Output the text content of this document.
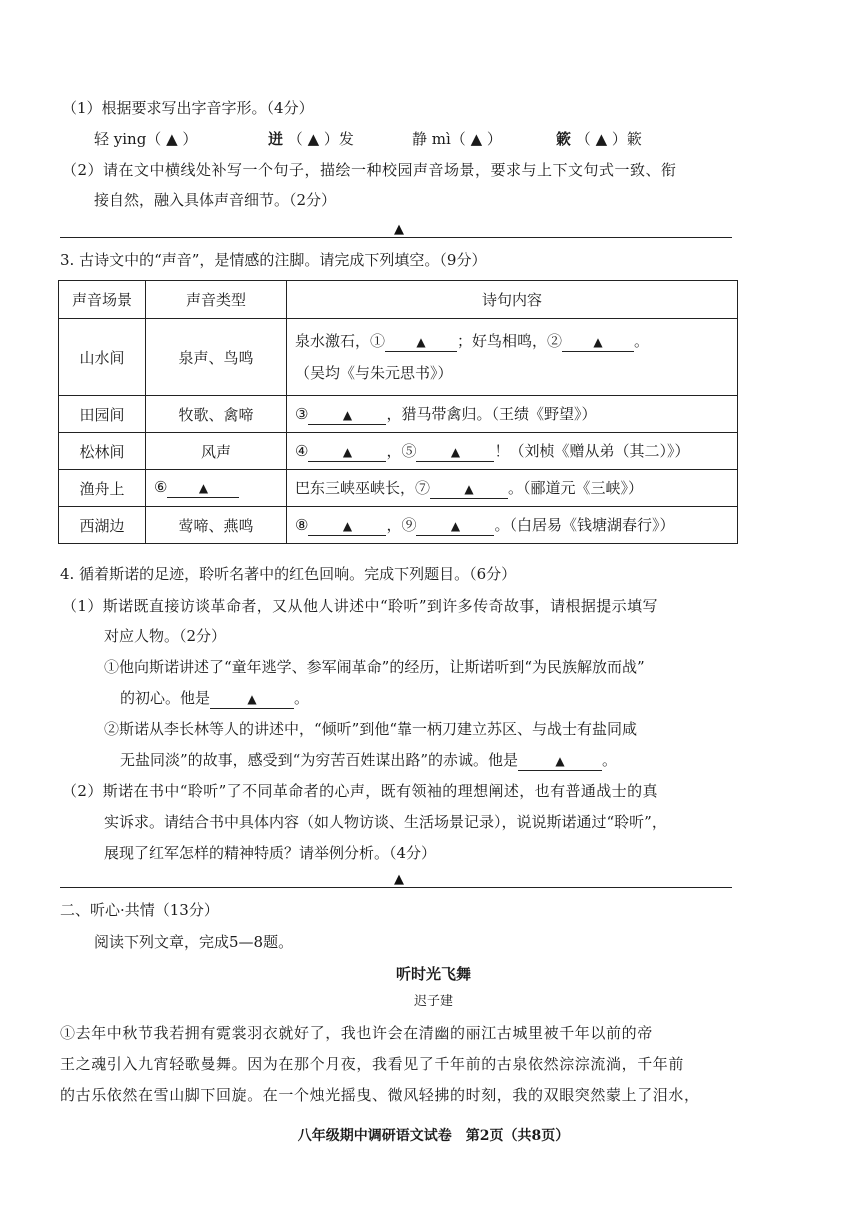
（1）根据要求写出字音字形。（4分）
轻 ying（ ▲ ）	迸 （ ▲ ）发	静 mì（ ▲ ）	簌 （ ▲ ）簌
（2）请在文中横线处补写一个句子，描绘一种校园声音场景，要求与上下文句式一致、衔
接自然，融入具体声音细节。（2分）
▲
3. 古诗文中的“声音”，是情感的注脚。请完成下列填空。（9分）
声音场景	声音类型	诗句内容
山水间	泉声、鸟鸣	泉水激石，① ▲ ；好鸟相鸣，② ▲ 。
（吴均《与朱元思书》）
田园间	牧歌、禽啼	③ ▲ ，猎马带禽归。（王绩《野望》）
松林间	风声	④ ▲ ，⑤ ▲ ！（刘桢《赠从弟（其二）》）
渔舟上	⑥ ▲	巴东三峡巫峡长，⑦ ▲ 。（郦道元《三峡》）
西湖边	莺啼、燕鸣	⑧ ▲ ，⑨ ▲ 。（白居易《钱塘湖春行》）
4. 循着斯诺的足迹，聆听名著中的红色回响。完成下列题目。（6分）
（1）斯诺既直接访谈革命者，又从他人讲述中“聆听”到许多传奇故事，请根据提示填写
对应人物。（2分）
①他向斯诺讲述了“童年逃学、参军闹革命”的经历，让斯诺听到“为民族解放而战”
的初心。他是	▲ 。
②斯诺从李长林等人的讲述中，“倾听”到他“靠一柄刀建立苏区、与战士有盐同咸
无盐同淡”的故事，感受到“为穷苦百姓谋出路”的赤诚。他是	▲ 。
（2）斯诺在书中“聆听”了不同革命者的心声，既有领袖的理想阐述，也有普通战士的真
实诉求。请结合书中具体内容（如人物访谈、生活场景记录），说说斯诺通过“聆听”，
展现了红军怎样的精神特质？请举例分析。（4分）
▲
二、听心·共情（13分）
阅读下列文章，完成5—8题。
听时光飞舞
迟子建
①去年中秋节我若拥有霓裳羽衣就好了，我也许会在清幽的丽江古城里被千年以前的帝
王之魂引入九宵轻歌曼舞。因为在那个月夜，我看见了千年前的古泉依然淙淙流淌，千年前
的古乐依然在雪山脚下回旋。在一个烛光摇曳、微风轻拂的时刻，我的双眼突然蒙上了泪水，
八年级期中调研语文试卷　第2页（共8页）
